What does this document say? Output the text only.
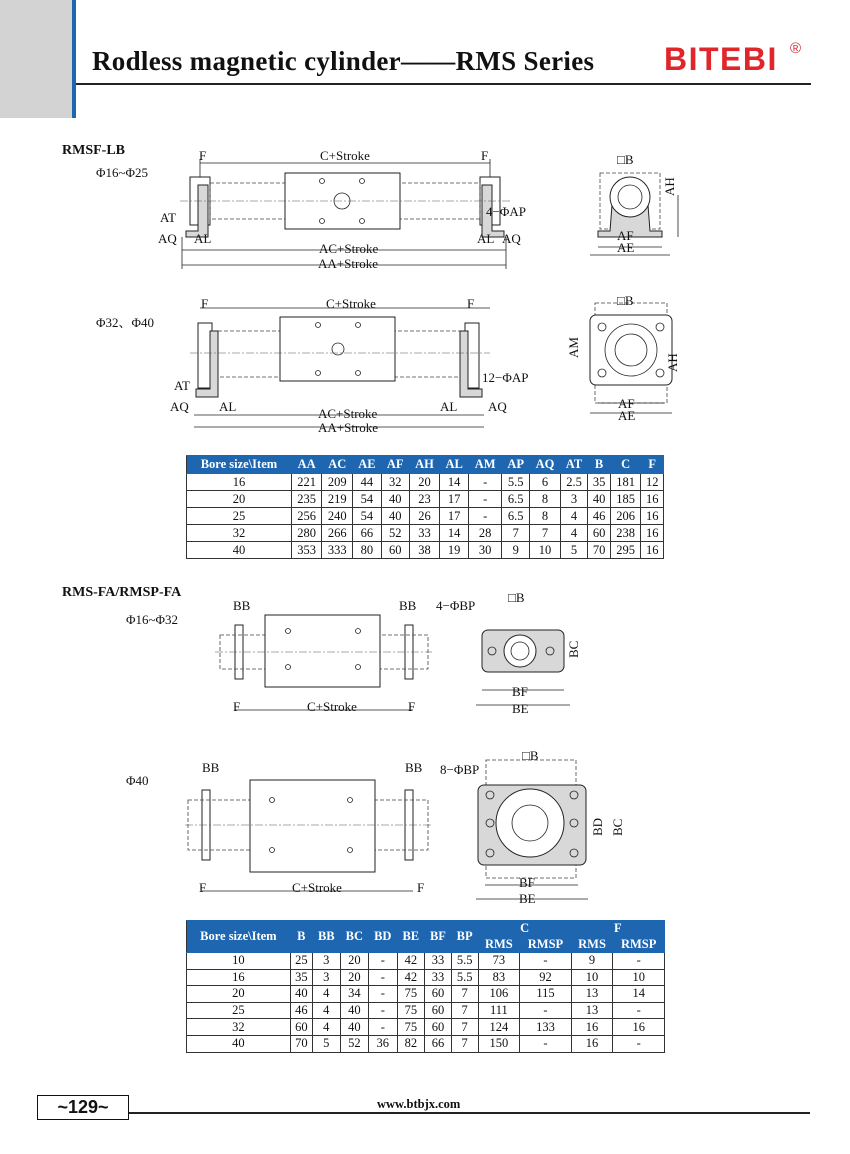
Rodless magnetic cylinder——RMS Series BITEBI ®
RMSF-LB
Φ16~Φ25
Φ32、Φ40
F	C+Stroke	F
4−ΦAP
AT
AQ AL	AL AQ
AC+Stroke
AA+Stroke
□B
AF
AE
AH
F	C+Stroke	F
12−ΦAP
AT
AQ AL	AL AQ
AC+Stroke
AA+Stroke
□B
AF
AE
AM
AH
Bore size\Item	AA	AC	AE	AF	AH	AL	AM	AP	AQ	AT	B	C	F
16	221	209	44	32	20	14	-	5.5	6	2.5	35	181	12
20	235	219	54	40	23	17	-	6.5	8	3	40	185	16
25	256	240	54	40	26	17	-	6.5	8	4	46	206	16
32	280	266	66	52	33	14	28	7	7	4	60	238	16
40	353	333	80	60	38	19	30	9	10	5	70	295	16
RMS-FA/RMSP-FA
Φ16~Φ32
Φ40
BB	BB 4−ΦBP
□B
F	C+Stroke	F
BF
BE
BC
BB	BB 8−ΦBP
□B
F	C+Stroke	F	BF
BE
BD BC
Bore size\Item	B	BB	BC	BD	BE	BF	BP	C		F	
								RMS	RMSP	RMS	RMSP
10	25	3	20	-	42	33	5.5	73	-	9	-
16	35	3	20	-	42	33	5.5	83	92	10	10
20	40	4	34	-	75	60	7	106	115	13	14
25	46	4	40	-	75	60	7	111	-	13	-
32	60	4	40	-	75	60	7	124	133	16	16
40	70	5	52	36	82	66	7	150	-	16	-
~129~	www.btbjx.com
